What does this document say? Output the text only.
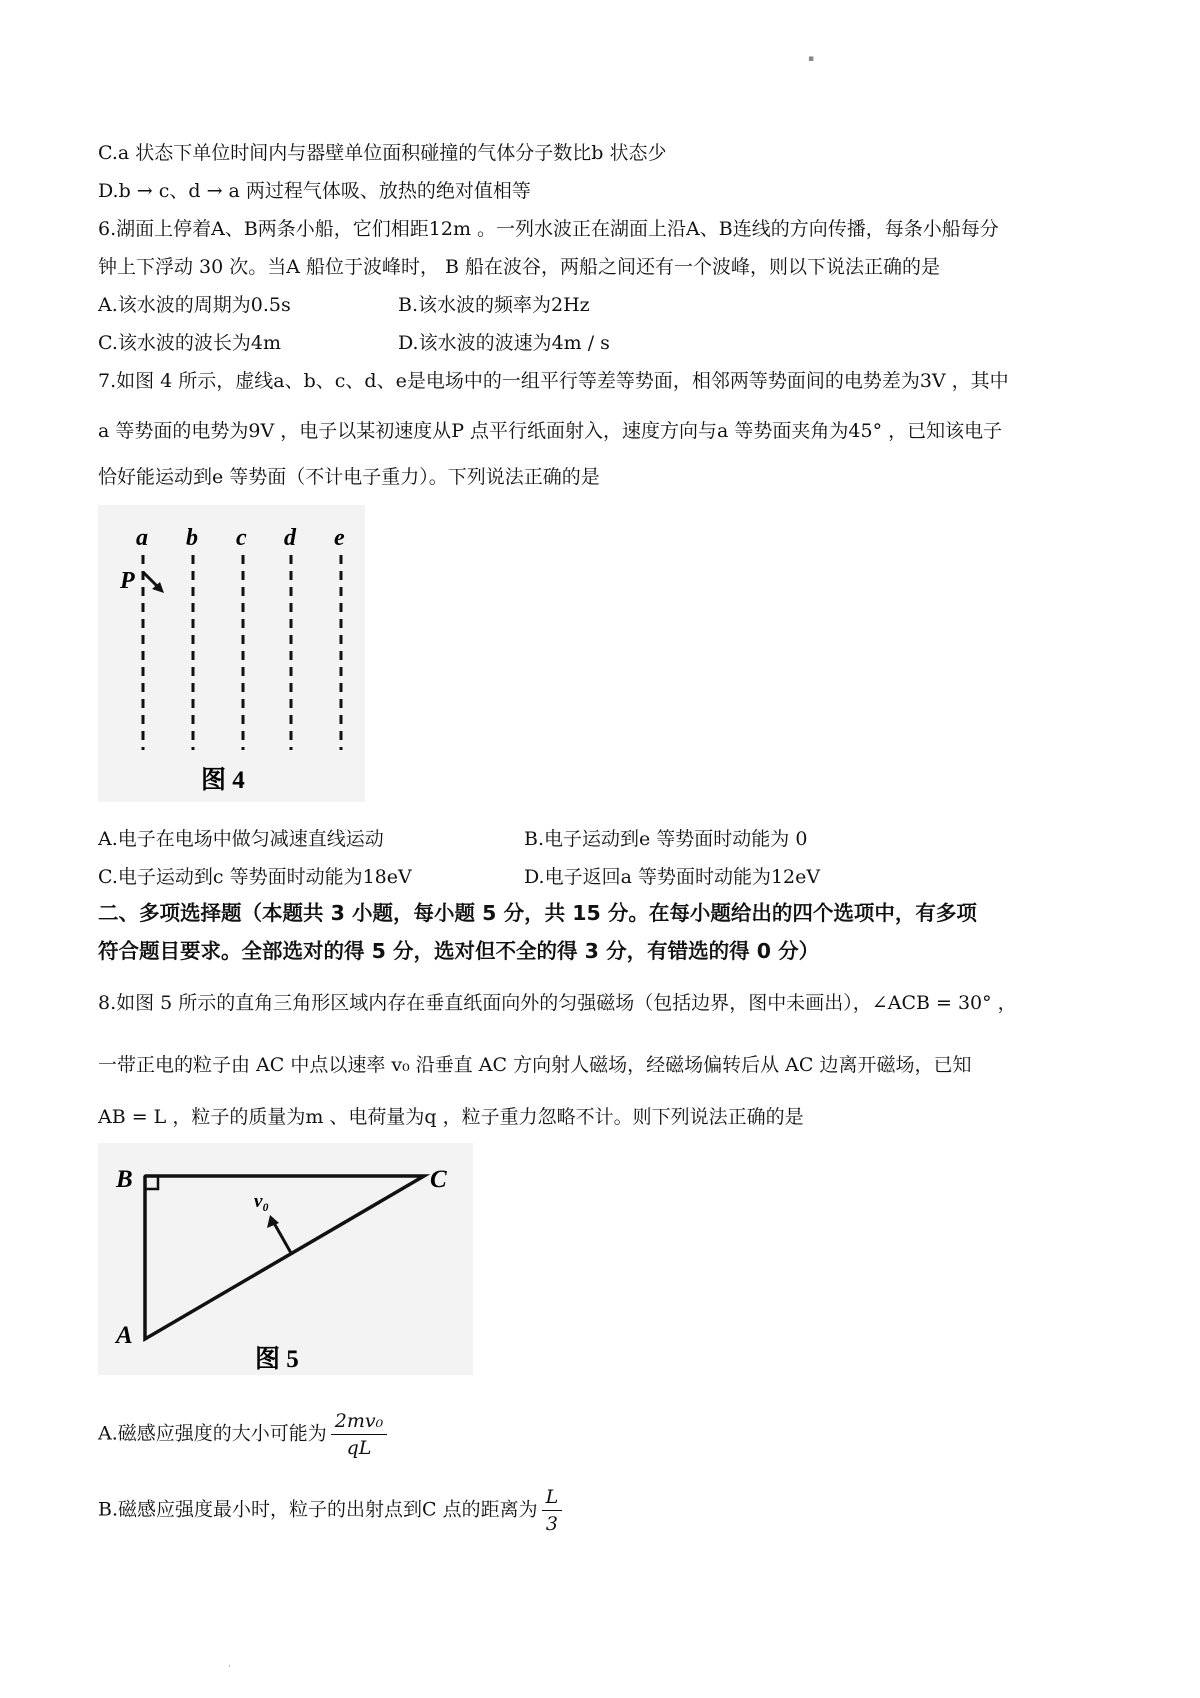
▪
C.a 状态下单位时间内与器壁单位面积碰撞的气体分子数比b 状态少
D.b → c、d → a 两过程气体吸、放热的绝对值相等
6.湖面上停着A、B两条小船，它们相距12m 。一列水波正在湖面上沿A、B连线的方向传播，每条小船每分
钟上下浮动 30 次。当A 船位于波峰时， B 船在波谷，两船之间还有一个波峰，则以下说法正确的是
A.该水波的周期为0.5s	B.该水波的频率为2Hz
C.该水波的波长为4m	D.该水波的波速为4m / s
7.如图 4 所示，虚线a、b、c、d、e是电场中的一组平行等差等势面，相邻两等势面间的电势差为3V ，其中
a 等势面的电势为9V ，电子以某初速度从P 点平行纸面射入，速度方向与a 等势面夹角为45° ，已知该电子
恰好能运动到e 等势面（不计电子重力）。下列说法正确的是
a b c d e
P
图 4
A.电子在电场中做匀减速直线运动	B.电子运动到e 等势面时动能为 0
C.电子运动到c 等势面时动能为18eV	D.电子返回a 等势面时动能为12eV
二、多项选择题（本题共 3 小题，每小题 5 分，共 15 分。在每小题给出的四个选项中，有多项
符合题目要求。全部选对的得 5 分，选对但不全的得 3 分，有错选的得 0 分）
8.如图 5 所示的直角三角形区域内存在垂直纸面向外的匀强磁场（包括边界，图中未画出），∠ACB = 30° ，
一带正电的粒子由 AC 中点以速率 v₀ 沿垂直 AC 方向射人磁场，经磁场偏转后从 AC 边离开磁场，已知
AB = L ，粒子的质量为m 、电荷量为q ，粒子重力忽略不计。则下列说法正确的是
B	C
A
v₀
图 5
A.磁感应强度的大小可能为 $\frac{\text{2mv₀}}{qL}$
B.磁感应强度最小时，粒子的出射点到C 点的距离为 $\frac{L}{3}$
·
